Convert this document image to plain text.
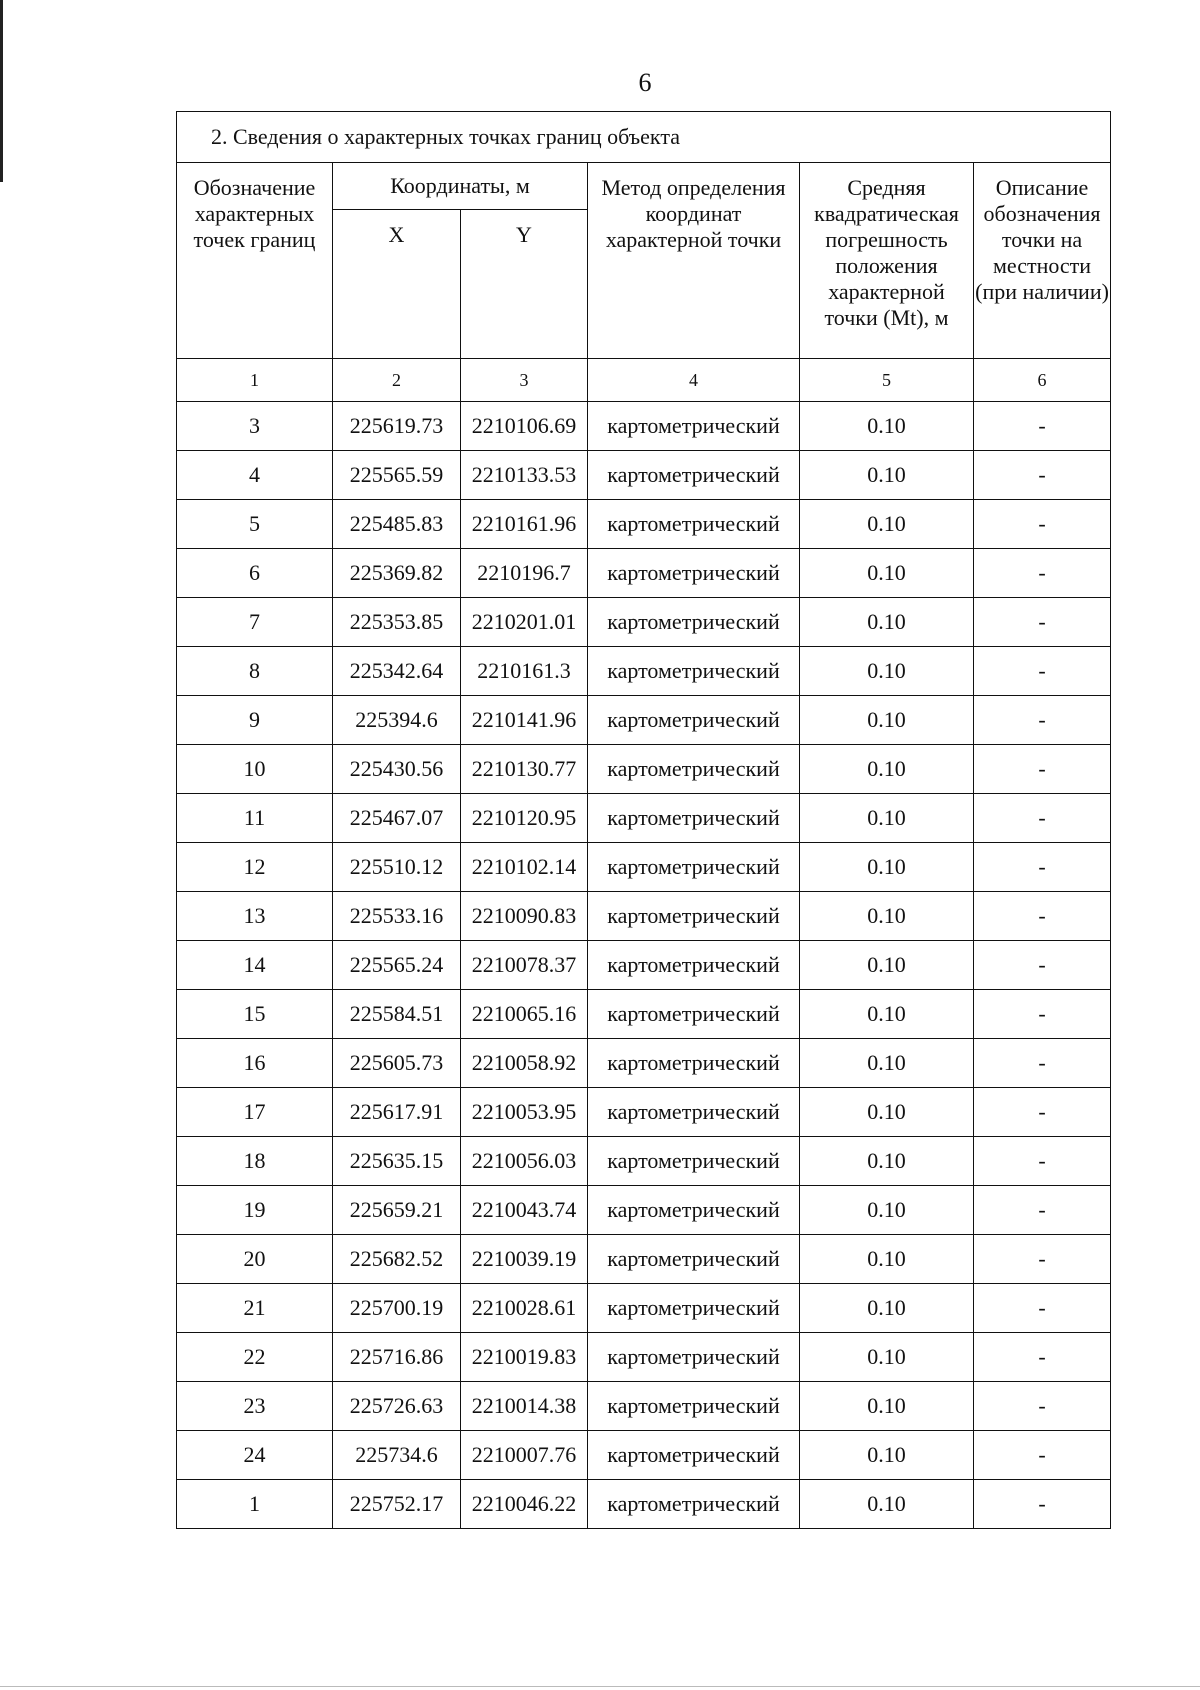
6
2. Сведения о характерных точках границ объекта					
Обозначение характерных точек границ	Координаты, м		Метод определения координат характерной точки	Средняя квадратическая погрешность положения характерной точки (Mt), м	Описание обозначения точки на местности (при наличии)
	X	Y			
1	2	3	4	5	6
3	225619.73	2210106.69	картометрический	0.10	-
4	225565.59	2210133.53	картометрический	0.10	-
5	225485.83	2210161.96	картометрический	0.10	-
6	225369.82	2210196.7	картометрический	0.10	-
7	225353.85	2210201.01	картометрический	0.10	-
8	225342.64	2210161.3	картометрический	0.10	-
9	225394.6	2210141.96	картометрический	0.10	-
10	225430.56	2210130.77	картометрический	0.10	-
11	225467.07	2210120.95	картометрический	0.10	-
12	225510.12	2210102.14	картометрический	0.10	-
13	225533.16	2210090.83	картометрический	0.10	-
14	225565.24	2210078.37	картометрический	0.10	-
15	225584.51	2210065.16	картометрический	0.10	-
16	225605.73	2210058.92	картометрический	0.10	-
17	225617.91	2210053.95	картометрический	0.10	-
18	225635.15	2210056.03	картометрический	0.10	-
19	225659.21	2210043.74	картометрический	0.10	-
20	225682.52	2210039.19	картометрический	0.10	-
21	225700.19	2210028.61	картометрический	0.10	-
22	225716.86	2210019.83	картометрический	0.10	-
23	225726.63	2210014.38	картометрический	0.10	-
24	225734.6	2210007.76	картометрический	0.10	-
1	225752.17	2210046.22	картометрический	0.10	-
